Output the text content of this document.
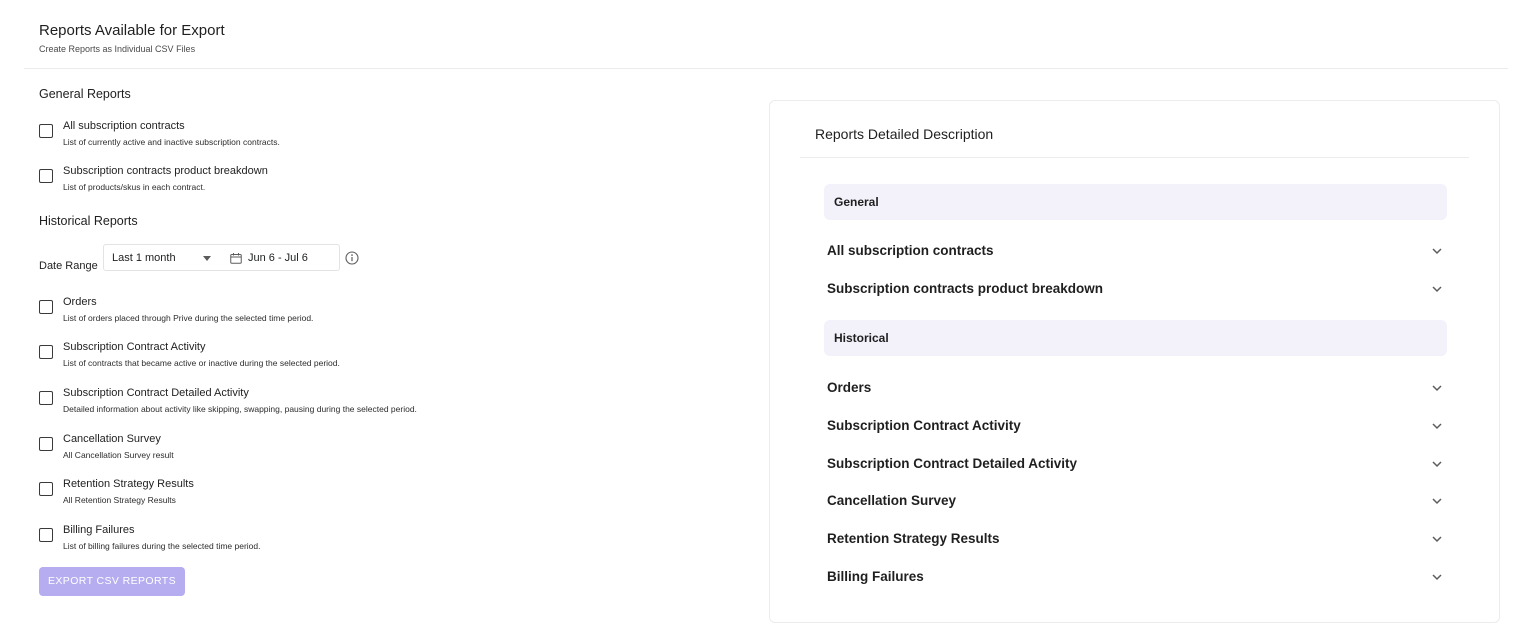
Reports Available for Export
Create Reports as Individual CSV Files
General Reports
All subscription contracts
List of currently active and inactive subscription contracts.
Subscription contracts product breakdown
List of products/skus in each contract.
Historical Reports
Date Range
Last 1 month	Jun 6 - Jul 6
Orders
List of orders placed through Prive during the selected time period.
Subscription Contract Activity
List of contracts that became active or inactive during the selected period.
Subscription Contract Detailed Activity
Detailed information about activity like skipping, swapping, pausing during the selected period.
Cancellation Survey
All Cancellation Survey result
Retention Strategy Results
All Retention Strategy Results
Billing Failures
List of billing failures during the selected time period.
EXPORT CSV REPORTS
Reports Detailed Description
General
All subscription contracts
Subscription contracts product breakdown
Historical
Orders
Subscription Contract Activity
Subscription Contract Detailed Activity
Cancellation Survey
Retention Strategy Results
Billing Failures
